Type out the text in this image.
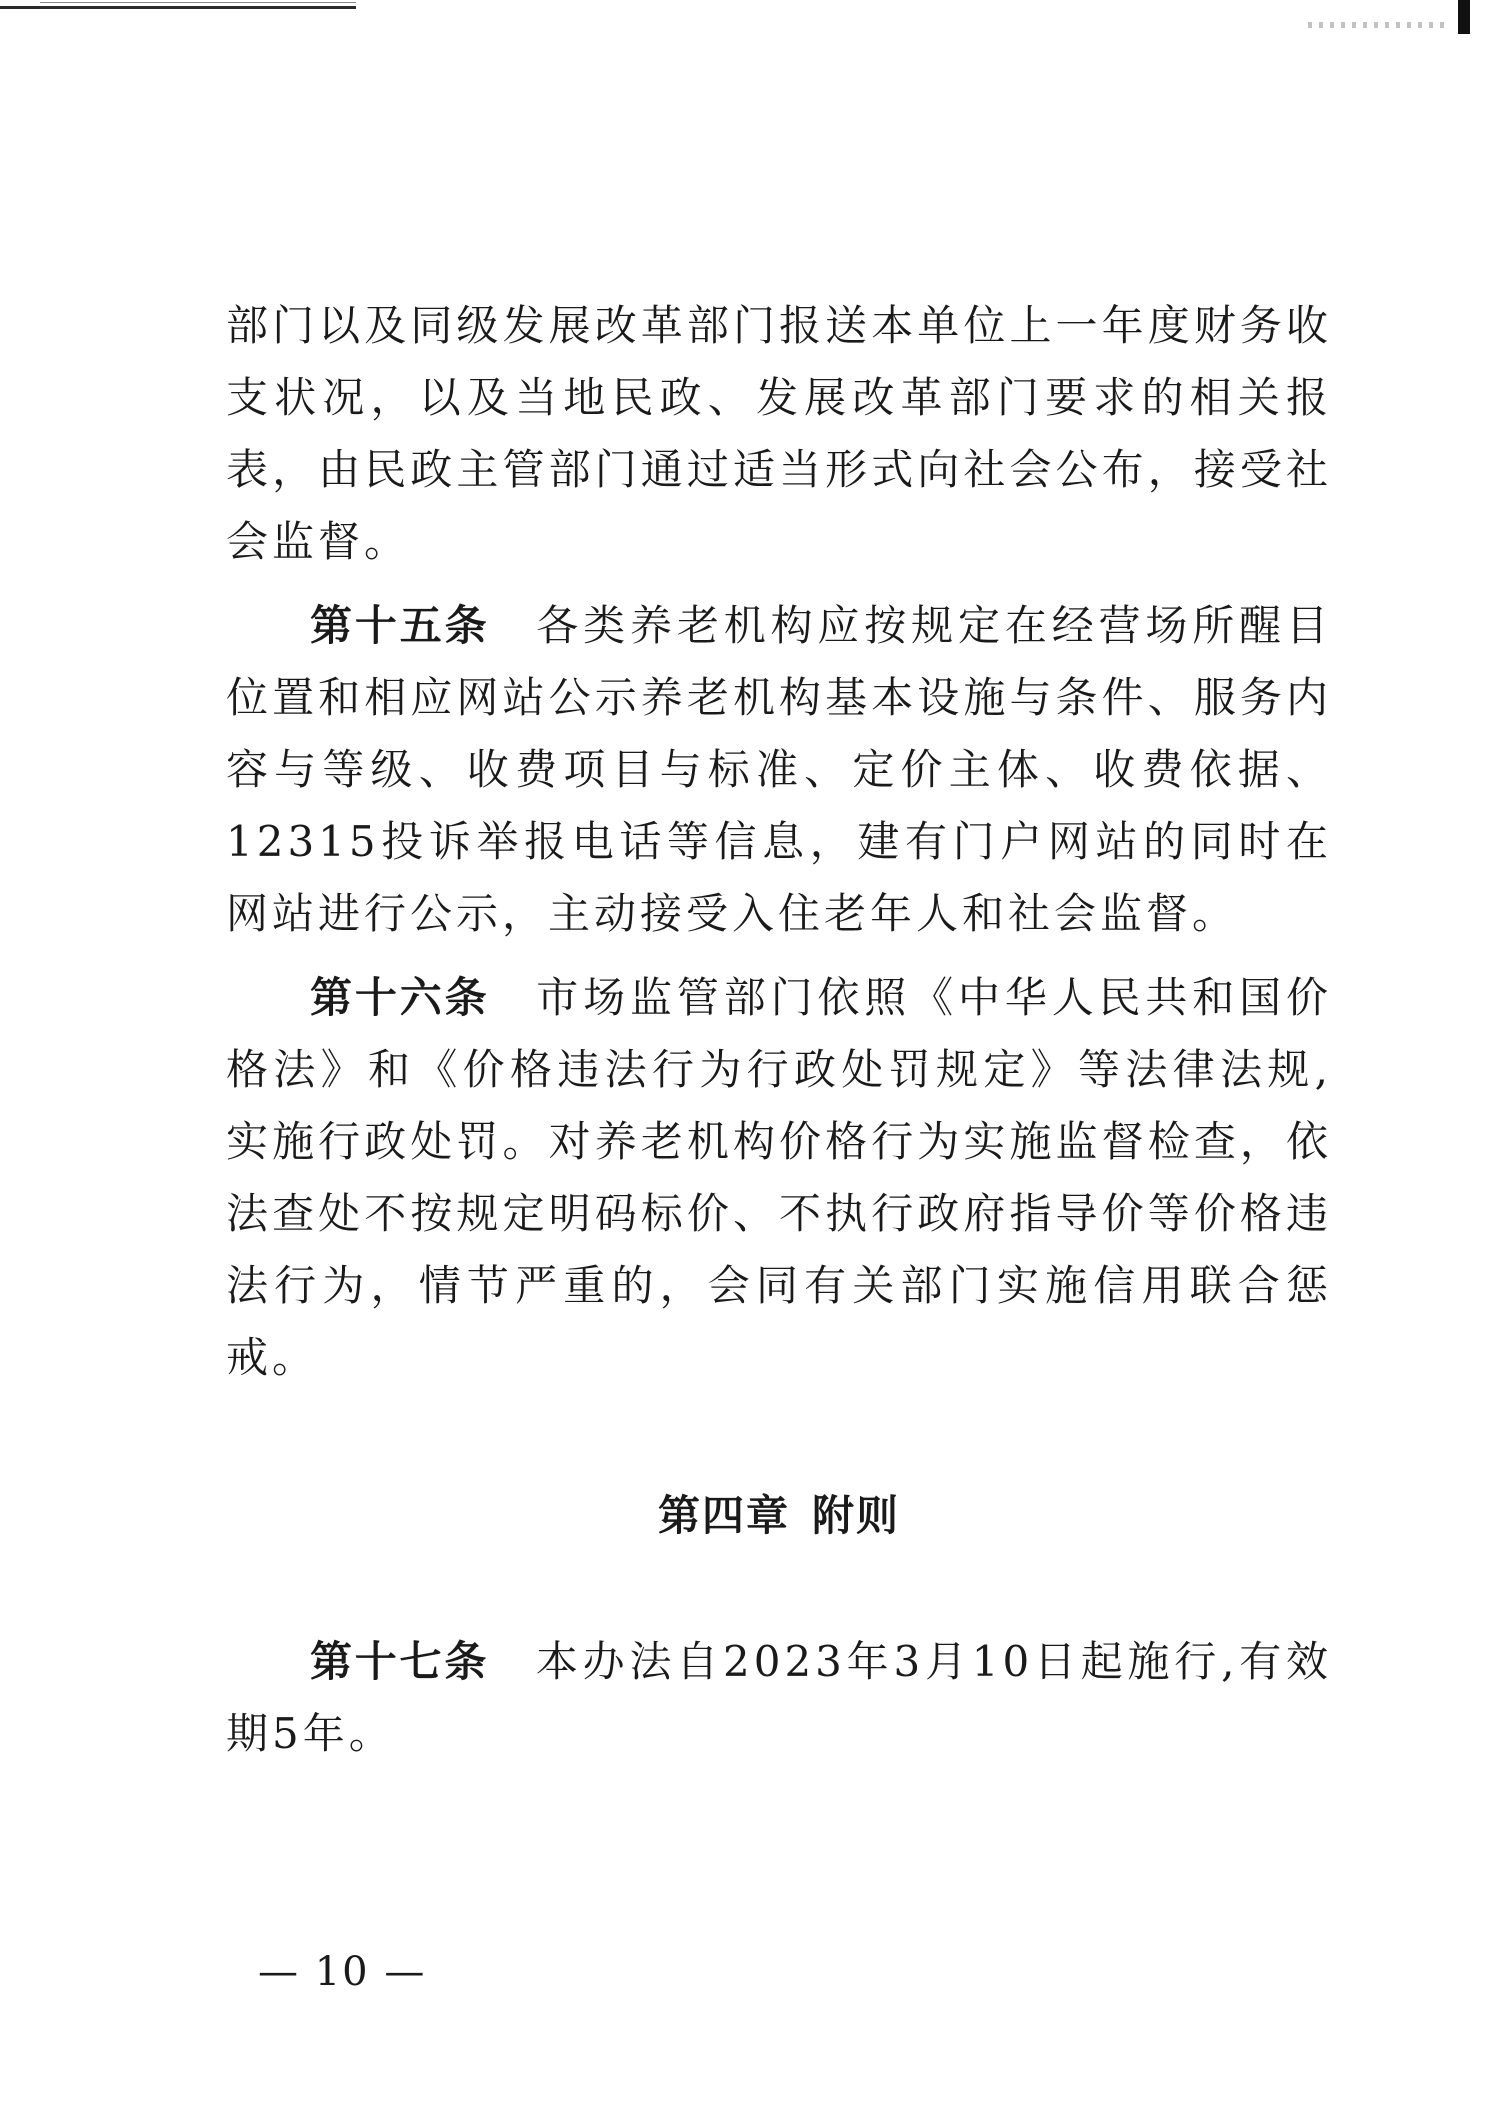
部门以及同级发展改革部门报送本单位上一年度财务收支状况，以及当地民政、发展改革部门要求的相关报表，由民政主管部门通过适当形式向社会公布，接受社会监督。

第十五条  各类养老机构应按规定在经营场所醒目位置和相应网站公示养老机构基本设施与条件、服务内容与等级、收费项目与标准、定价主体、收费依据、12315投诉举报电话等信息，建有门户网站的同时在网站进行公示，主动接受入住老年人和社会监督。

第十六条  市场监管部门依照《中华人民共和国价格法》和《价格违法行为行政处罚规定》等法律法规,实施行政处罚。对养老机构价格行为实施监督检查，依法查处不按规定明码标价、不执行政府指导价等价格违法行为，情节严重的，会同有关部门实施信用联合惩戒。

第四章 附则

第十七条  本办法自2023年3月10日起施行,有效期5年。

— 10 —
